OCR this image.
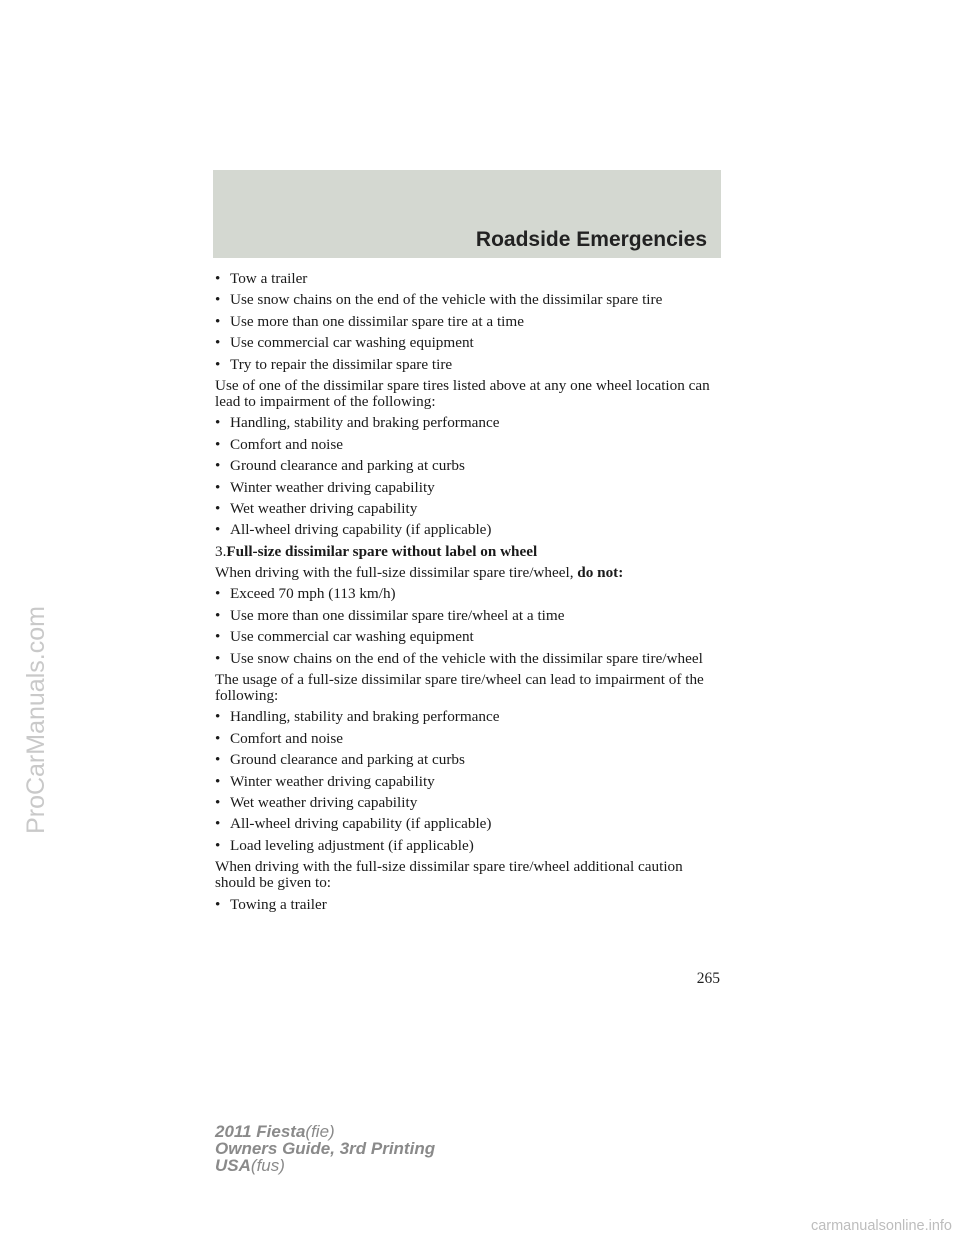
Roadside Emergencies
ProCarManuals.com
• Tow a trailer
• Use snow chains on the end of the vehicle with the dissimilar spare tire
• Use more than one dissimilar spare tire at a time
• Use commercial car washing equipment
• Try to repair the dissimilar spare tire
Use of one of the dissimilar spare tires listed above at any one wheel location can lead to impairment of the following:
• Handling, stability and braking performance
• Comfort and noise
• Ground clearance and parking at curbs
• Winter weather driving capability
• Wet weather driving capability
• All-wheel driving capability (if applicable)
3.Full-size dissimilar spare without label on wheel
When driving with the full-size dissimilar spare tire/wheel, do not:
• Exceed 70 mph (113 km/h)
• Use more than one dissimilar spare tire/wheel at a time
• Use commercial car washing equipment
• Use snow chains on the end of the vehicle with the dissimilar spare tire/wheel
The usage of a full-size dissimilar spare tire/wheel can lead to impairment of the following:
• Handling, stability and braking performance
• Comfort and noise
• Ground clearance and parking at curbs
• Winter weather driving capability
• Wet weather driving capability
• All-wheel driving capability (if applicable)
• Load leveling adjustment (if applicable)
When driving with the full-size dissimilar spare tire/wheel additional caution should be given to:
• Towing a trailer
265
2011 Fiesta(fie)
Owners Guide, 3rd Printing
USA(fus)
carmanualsonline.info
